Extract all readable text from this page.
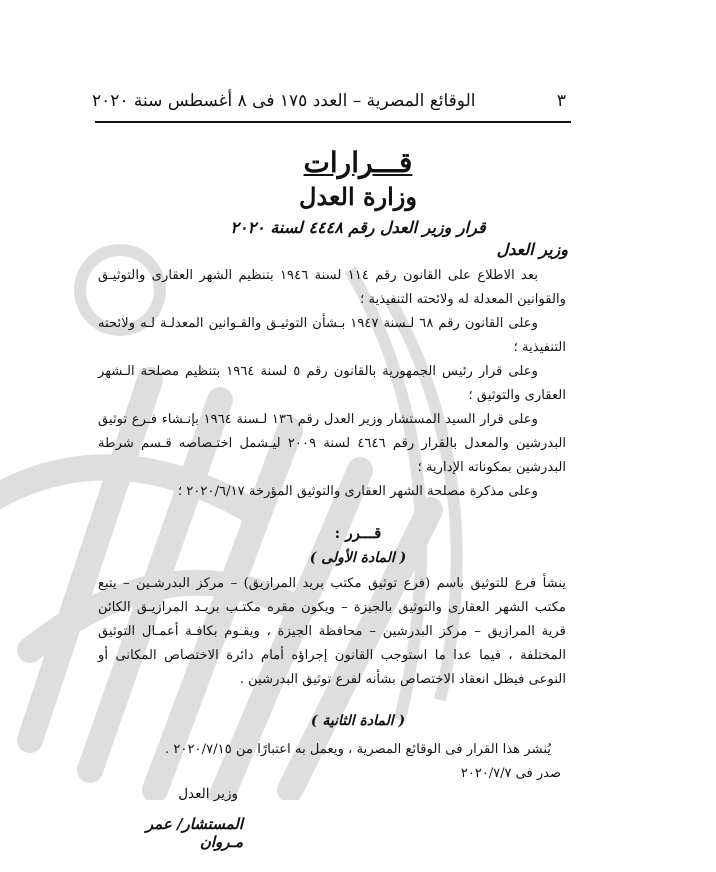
٣
الوقائع المصرية – العدد ١٧٥ فى ٨ أغسطس سنة ٢٠٢٠
قـــرارات
وزارة العدل
قرار وزير العدل رقم ٤٤٤٨ لسنة ٢٠٢٠
وزير العدل

بعد الاطلاع على القانون رقم ١١٤ لسنة ١٩٤٦ بتنظيم الشهر العقارى والتوثيـق والقوانين المعدلة له ولائحته التنفيذية ؛

وعلى القانون رقم ٦٨ لـسنة ١٩٤٧ بـشأن التوثيـق والقـوانين المعدلـة لـه ولائحته التنفيذية ؛

وعلى قرار رئيس الجمهورية بالقانون رقم ٥ لسنة ١٩٦٤ بتنظيم مصلحة الـشهر العقارى والتوثيق ؛

وعلى قرار السيد المستشار وزير العدل رقم ١٣٦ لـسنة ١٩٦٤ بإنـشاء فـرع توثيق البدرشين والمعدل بالقرار رقم ٤٦٤٦ لسنة ٢٠٠٩ ليـشمل اختـصاصه قـسم شرطة البدرشين بمكوناته الإدارية ؛

وعلى مذكرة مصلحة الشهر العقارى والتوثيق المؤرخة ٢٠٢٠/٦/١٧ ؛

قـــرر :
( المادة الأولى )

ينشأ فرع للتوثيق باسم (فرع توثيق مكتب بريد المرازيق) – مركز البدرشـين – يتبع مكتب الشهر العقارى والتوثيق بالجيزة – ويكون مقره مكتـب بريـد المرازيـق الكائن قرية المرازيق – مركز البدرشين – محافظة الجيزة ، ويقـوم بكافـة أعمـال التوثيق المختلفة ، فيما عدا ما استوجب القانون إجراؤه أمام دائرة الاختصاص المكانى أو النوعى فيظل انعقاد الاختصاص بشأنه لفرع توثيق البدرشين .

( المادة الثانية )
يُنشر هذا القرار فى الوقائع المصرية ، ويعمل به اعتبارًا من ٢٠٢٠/٧/١٥ .
صدر فى ٢٠٢٠/٧/٧
وزير العدل
المستشار/ عمر مـروان
